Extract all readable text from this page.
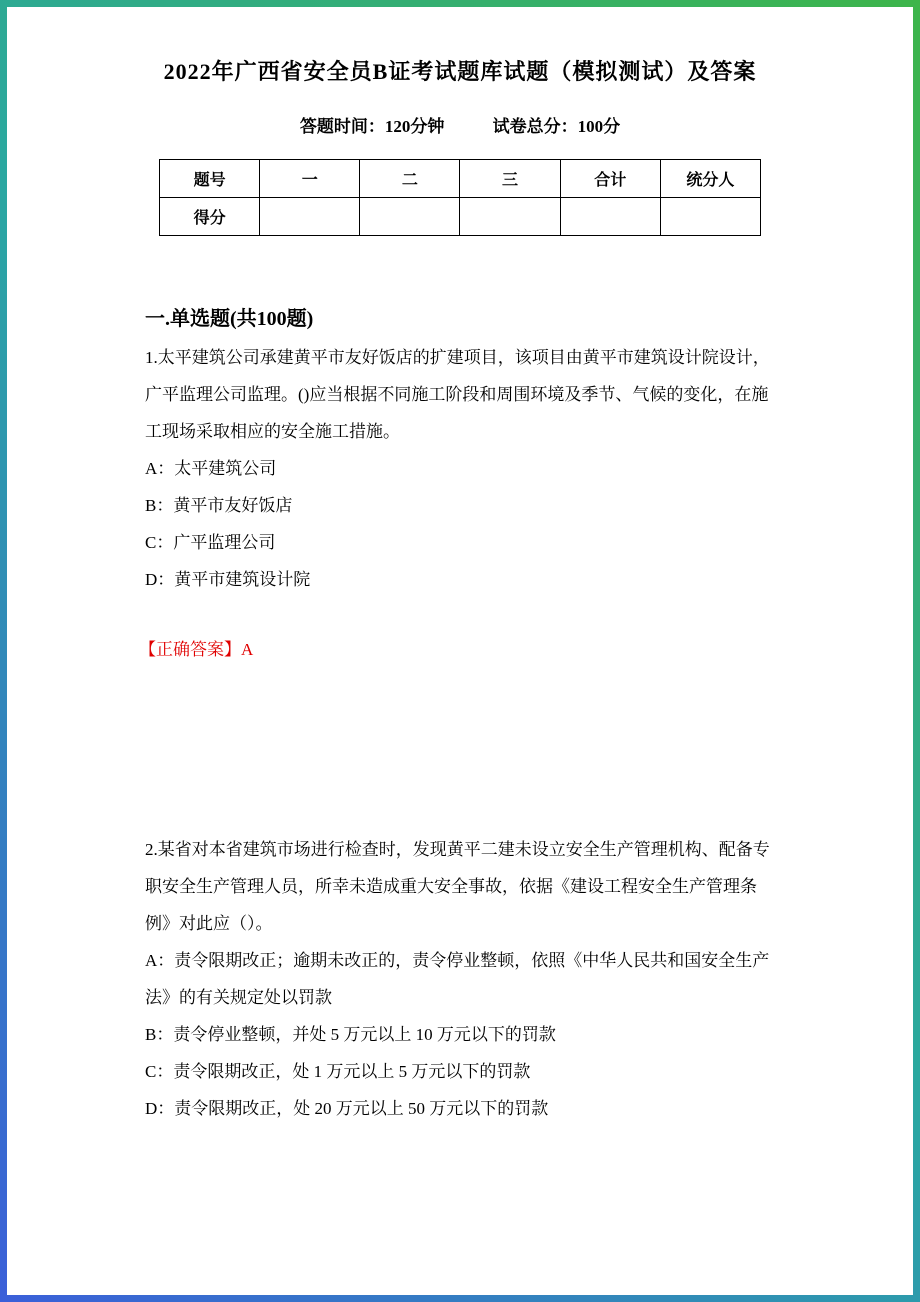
2022年广西省安全员B证考试题库试题（模拟测试）及答案
答题时间：120分钟	试卷总分：100分
题号	一	二	三	合计	统分人
得分					
一.单选题(共100题)

1.太平建筑公司承建黄平市友好饭店的扩建项目，该项目由黄平市建筑设计院设计，广平监理公司监理。()应当根据不同施工阶段和周围环境及季节、气候的变化，在施工现场采取相应的安全施工措施。

A：太平建筑公司

B：黄平市友好饭店

C：广平监理公司

D：黄平市建筑设计院

【正确答案】A

2.某省对本省建筑市场进行检查时，发现黄平二建未设立安全生产管理机构、配备专职安全生产管理人员，所幸未造成重大安全事故，依据《建设工程安全生产管理条例》对此应（）。

A：责令限期改正；逾期未改正的，责令停业整顿，依照《中华人民共和国安全生产法》的有关规定处以罚款

B：责令停业整顿，并处 5 万元以上 10 万元以下的罚款

C：责令限期改正，处 1 万元以上 5 万元以下的罚款

D：责令限期改正，处 20 万元以上 50 万元以下的罚款
